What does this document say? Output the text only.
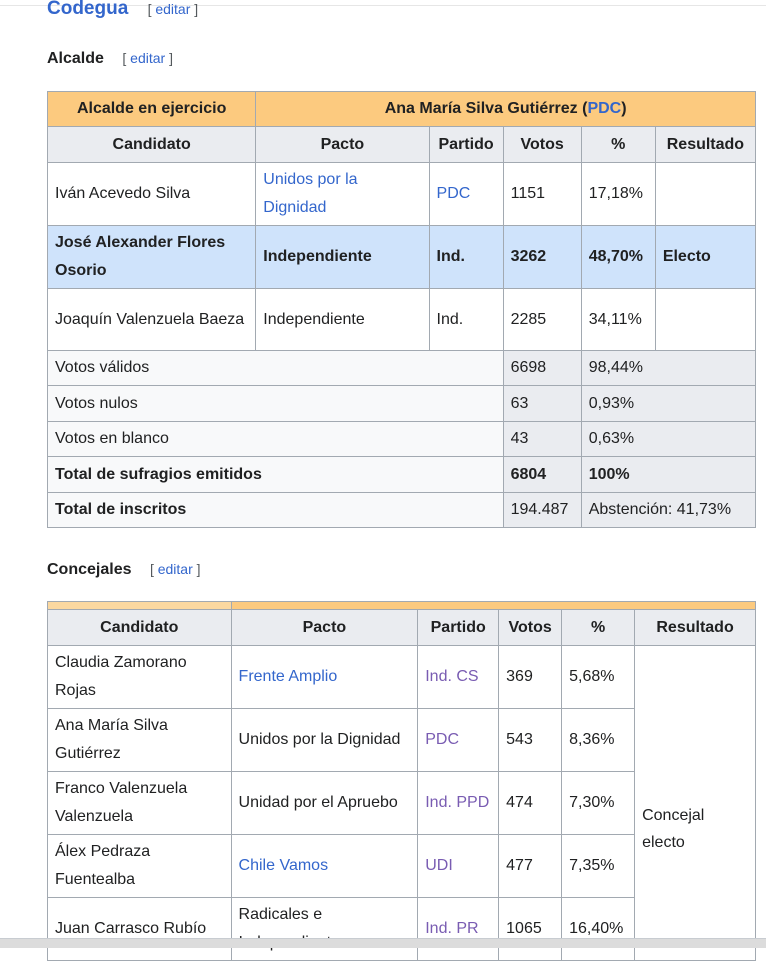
Codegua [ editar ]
Alcalde [ editar ]
Alcalde en ejercicio	Ana María Silva Gutiérrez (PDC)				
Candidato	Pacto	Partido	Votos	%	Resultado
Iván Acevedo Silva	Unidos por la Dignidad	PDC	1151	17,18%	
José Alexander Flores Osorio	Independiente	Ind.	3262	48,70%	Electo
Joaquín Valenzuela Baeza	Independiente	Ind.	2285	34,11%	
Votos válidos			6698	98,44%	
Votos nulos			63	0,93%	
Votos en blanco			43	0,63%	
Total de sufragios emitidos			6804	100%	
Total de inscritos			194.487	Abstención: 41,73%	
Concejales [ editar ]

Candidato	Pacto	Partido	Votos	%	Resultado
Claudia Zamorano Rojas	Frente Amplio	Ind. CS	369	5,68%	Concejal electo
Ana María Silva Gutiérrez	Unidos por la Dignidad	PDC	543	8,36%	
Franco Valenzuela Valenzuela	Unidad por el Apruebo	Ind. PPD	474	7,30%	
Álex Pedraza Fuentealba	Chile Vamos	UDI	477	7,35%	
Juan Carrasco Rubío	Radicales e	Ind. PR	1065	16,40%	
